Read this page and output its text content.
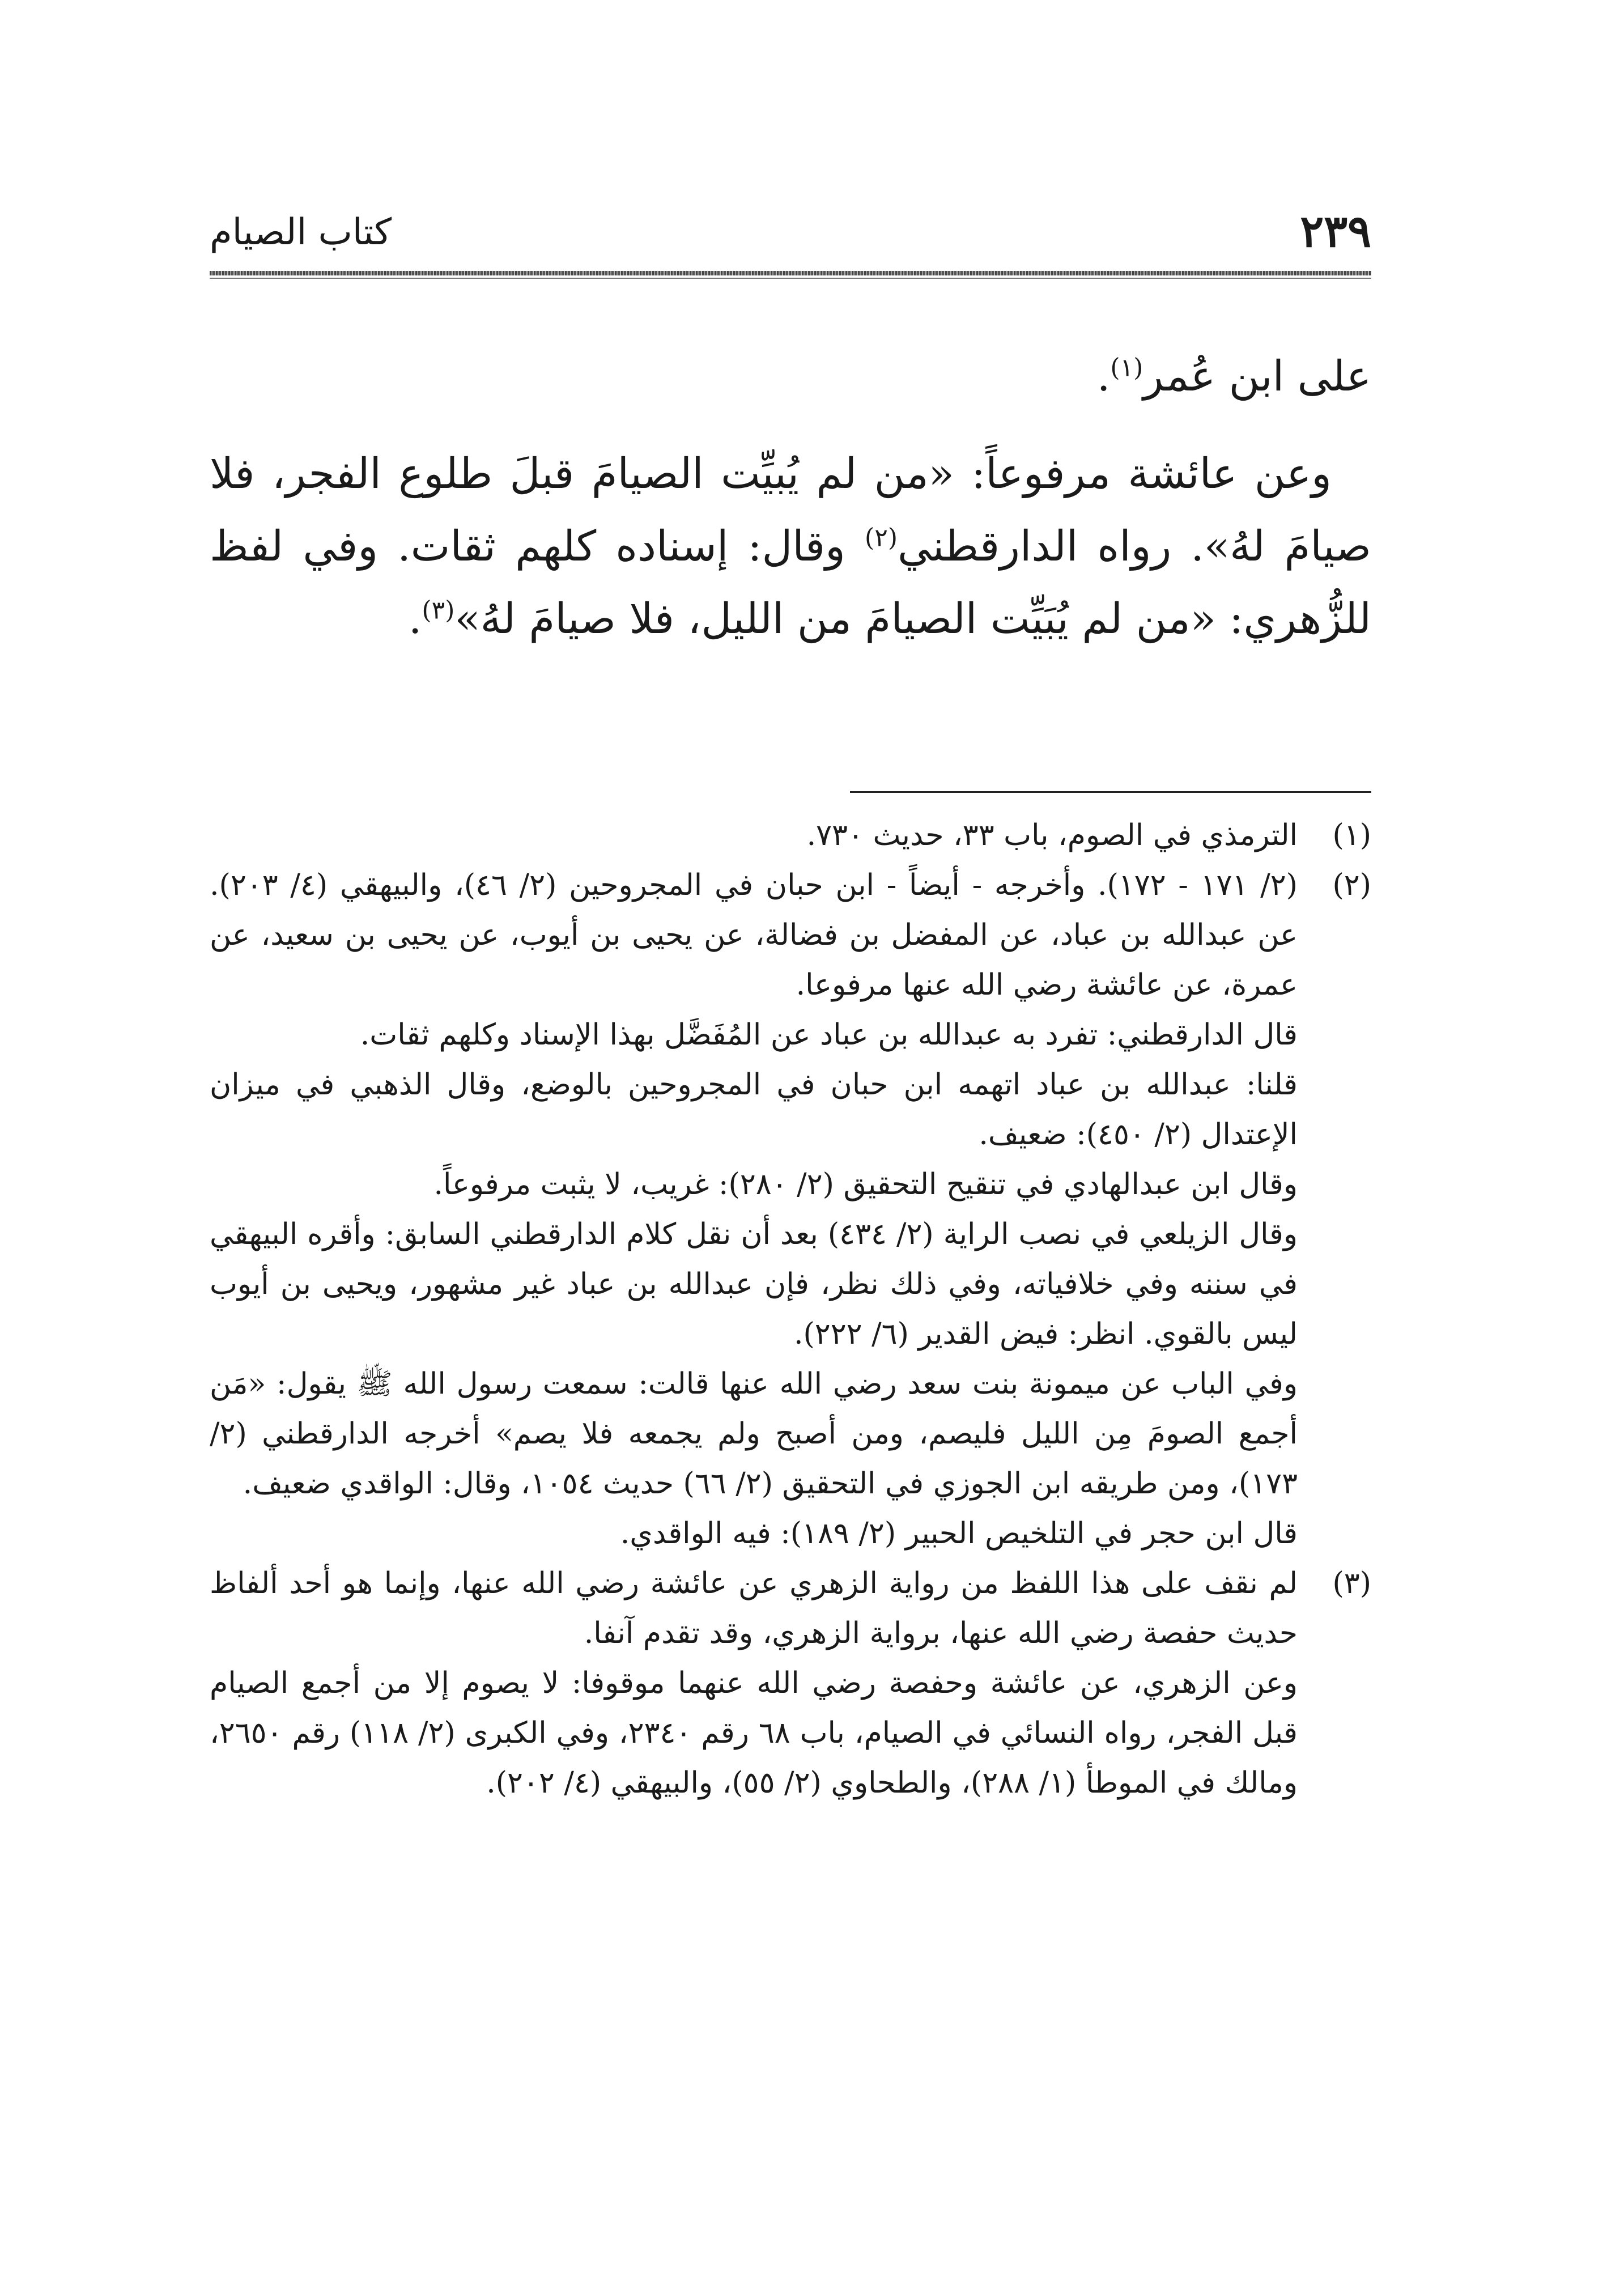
٢٣٩
كتاب الصيام

على ابن عُمر$^{(١)}$.

وعن عائشة مرفوعاً: «من لم يُبيِّت الصيامَ قبلَ طلوع الفجر، فلا صيامَ لهُ». رواه الدارقطني$^{(٢)}$ وقال: إسناده كلهم ثقات. وفي لفظ للزُّهري: «من لم يُبَيِّت الصيامَ من الليل، فلا صيامَ لهُ»$^{(٣)}$.

(١)

الترمذي في الصوم، باب ٣٣، حديث ٧٣٠.

(٢)

(٢/ ١٧١ - ١٧٢). وأخرجه - أيضاً - ابن حبان في المجروحين (٢/ ٤٦)، والبيهقي (٤/ ٢٠٣). عن عبدالله بن عباد، عن المفضل بن فضالة، عن يحيى بن أيوب، عن يحيى بن سعيد، عن عمرة، عن عائشة رضي الله عنها مرفوعا.

قال الدارقطني: تفرد به عبدالله بن عباد عن المُفَضَّل بهذا الإسناد وكلهم ثقات.

قلنا: عبدالله بن عباد اتهمه ابن حبان في المجروحين بالوضع، وقال الذهبي في ميزان الإعتدال (٢/ ٤٥٠): ضعيف.

وقال ابن عبدالهادي في تنقيح التحقيق (٢/ ٢٨٠): غريب، لا يثبت مرفوعاً.

وقال الزيلعي في نصب الراية (٢/ ٤٣٤) بعد أن نقل كلام الدارقطني السابق: وأقره البيهقي في سننه وفي خلافياته، وفي ذلك نظر، فإن عبدالله بن عباد غير مشهور، ويحيى بن أيوب ليس بالقوي. انظر: فيض القدير (٦/ ٢٢٢).

وفي الباب عن ميمونة بنت سعد رضي الله عنها قالت: سمعت رسول الله ﷺ يقول: «مَن أجمع الصومَ مِن الليل فليصم، ومن أصبح ولم يجمعه فلا يصم» أخرجه الدارقطني (٢/ ١٧٣)، ومن طريقه ابن الجوزي في التحقيق (٢/ ٦٦) حديث ١٠٥٤، وقال: الواقدي ضعيف.

قال ابن حجر في التلخيص الحبير (٢/ ١٨٩): فيه الواقدي.

(٣)

لم نقف على هذا اللفظ من رواية الزهري عن عائشة رضي الله عنها، وإنما هو أحد ألفاظ حديث حفصة رضي الله عنها، برواية الزهري، وقد تقدم آنفا.

وعن الزهري، عن عائشة وحفصة رضي الله عنهما موقوفا: لا يصوم إلا من أجمع الصيام قبل الفجر، رواه النسائي في الصيام، باب ٦٨ رقم ٢٣٤٠، وفي الكبرى (٢/ ١١٨) رقم ٢٦٥٠، ومالك في الموطأ (١/ ٢٨٨)، والطحاوي (٢/ ٥٥)، والبيهقي (٤/ ٢٠٢).
